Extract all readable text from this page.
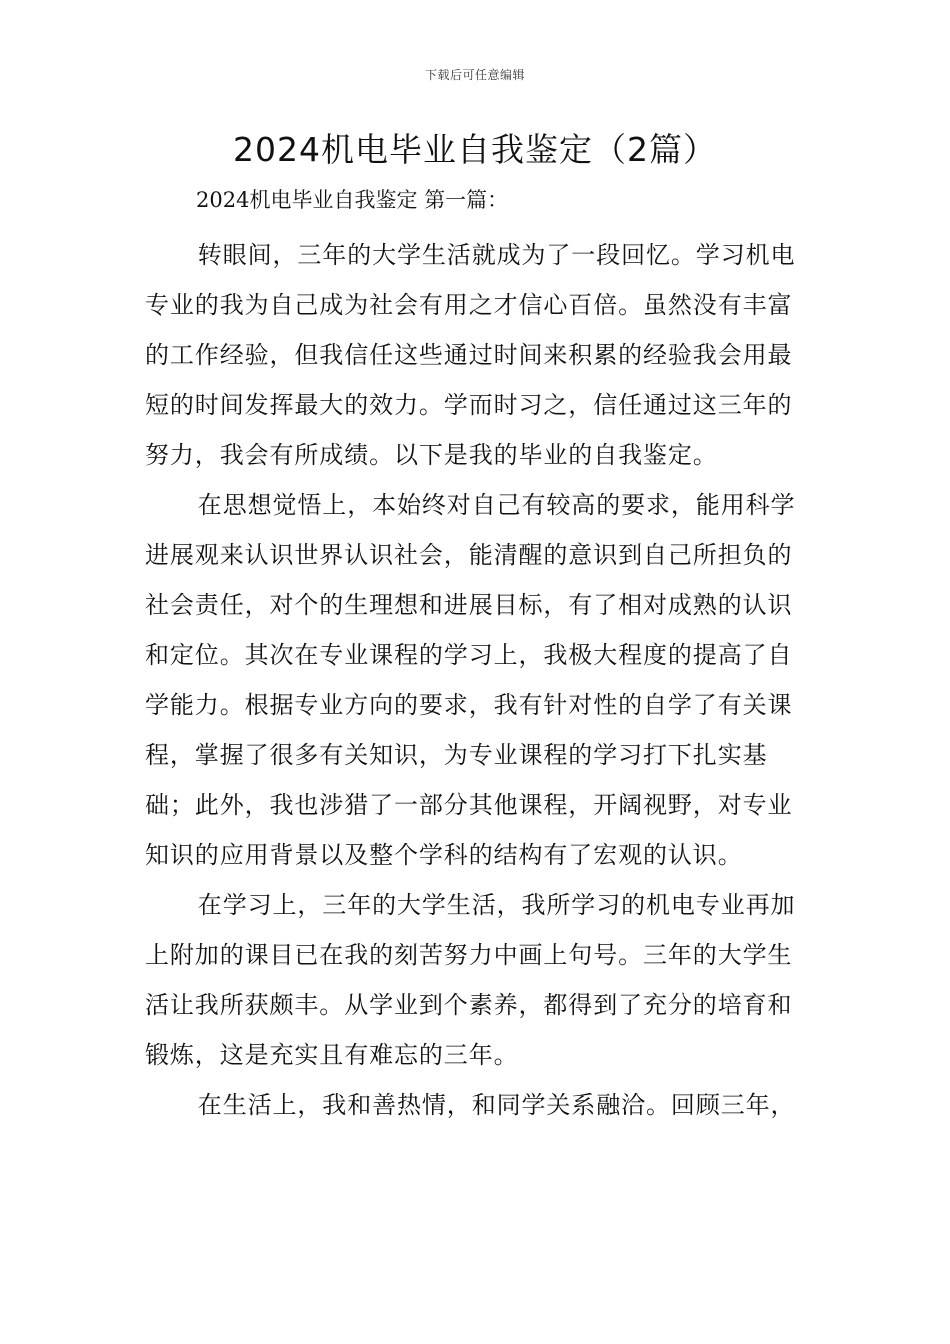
下载后可任意编辑
2024机电毕业自我鉴定（2篇）
2024机电毕业自我鉴定 第一篇：

转眼间，三年的大学生活就成为了一段回忆。学习机电专业的我为自己成为社会有用之才信心百倍。虽然没有丰富的工作经验，但我信任这些通过时间来积累的经验我会用最短的时间发挥最大的效力。学而时习之，信任通过这三年的努力，我会有所成绩。以下是我的毕业的自我鉴定。

在思想觉悟上，本始终对自己有较高的要求，能用科学进展观来认识世界认识社会，能清醒的意识到自己所担负的社会责任，对个的生理想和进展目标，有了相对成熟的认识和定位。其次在专业课程的学习上，我极大程度的提高了自学能力。根据专业方向的要求，我有针对性的自学了有关课程，掌握了很多有关知识，为专业课程的学习打下扎实基础；此外，我也涉猎了一部分其他课程，开阔视野，对专业知识的应用背景以及整个学科的结构有了宏观的认识。

在学习上，三年的大学生活，我所学习的机电专业再加上附加的课目已在我的刻苦努力中画上句号。三年的大学生活让我所获颇丰。从学业到个素养，都得到了充分的培育和锻炼，这是充实且有难忘的三年。

在生活上，我和善热情，和同学关系融洽。回顾三年，
